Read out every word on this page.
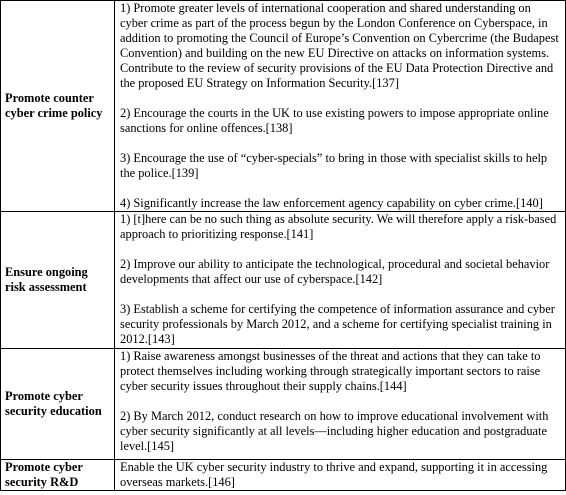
Promote counter cyber crime policy	1) Promote greater levels of international cooperation and shared understanding on cyber crime as part of the process begun by the London Conference on Cyberspace, in addition to promoting the Council of Europe’s Convention on Cybercrime (the Budapest Convention) and building on the new EU Directive on attacks on information systems. Contribute to the review of security provisions of the EU Data Protection Directive and the proposed EU Strategy on Information Security.[137]

2) Encourage the courts in the UK to use existing powers to impose appropriate online sanctions for online offences.[138]

3) Encourage the use of “cyber-specials” to bring in those with specialist skills to help the police.[139]

4) Significantly increase the law enforcement agency capability on cyber crime.[140]

Ensure ongoing risk assessment	1) [t]here can be no such thing as absolute security. We will therefore apply a risk-based approach to prioritizing response.[141]

2) Improve our ability to anticipate the technological, procedural and societal behavior developments that affect our use of cyberspace.[142]

3) Establish a scheme for certifying the competence of information assurance and cyber security professionals by March 2012, and a scheme for certifying specialist training in 2012.[143]

Promote cyber security education	1) Raise awareness amongst businesses of the threat and actions that they can take to protect themselves including working through strategically important sectors to raise cyber security issues throughout their supply chains.[144]

2) By March 2012, conduct research on how to improve educational involvement with cyber security significantly at all levels—including higher education and postgraduate level.[145]

Promote cyber security R&D	Enable the UK cyber security industry to thrive and expand, supporting it in accessing overseas markets.[146]
